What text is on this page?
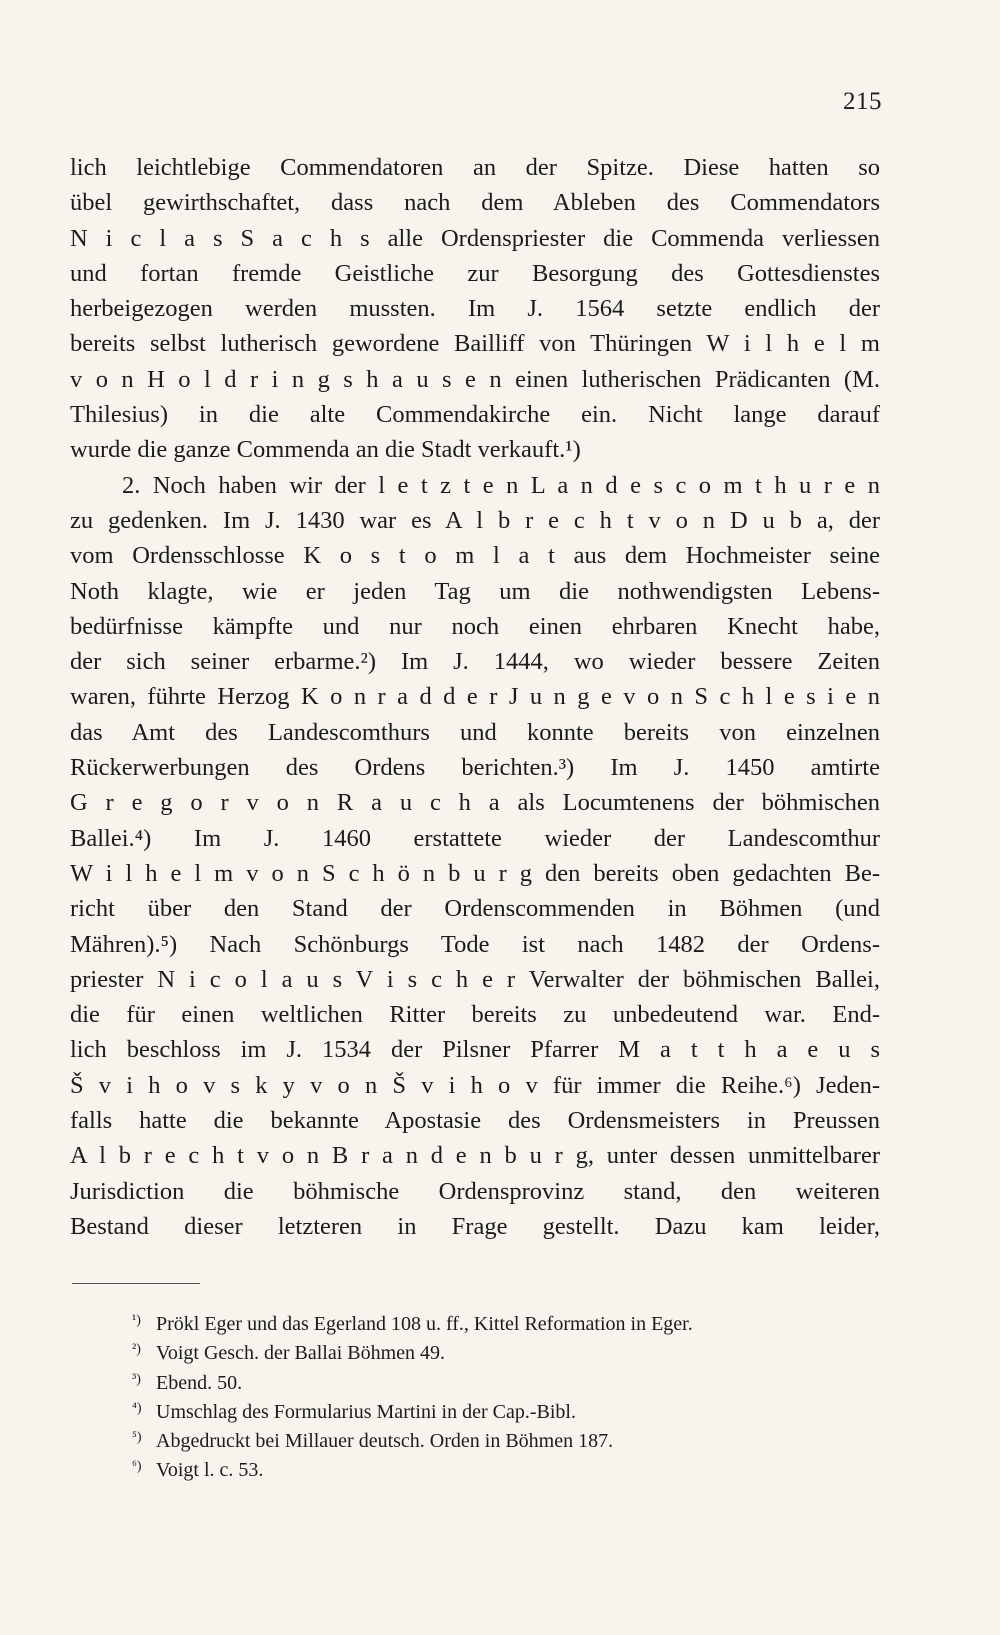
215
lich leichtlebige Commendatoren an der Spitze. Diese hatten so
übel gewirthschaftet, dass nach dem Ableben des Commendators
N i c l a s S a c h s alle Ordenspriester die Commenda verliessen
und fortan fremde Geistliche zur Besorgung des Gottesdienstes
herbeigezogen werden mussten. Im J. 1564 setzte endlich der
bereits selbst lutherisch gewordene Bailliff von Thüringen W i l h e l m
v o n H o l d r i n g s h a u s e n einen lutherischen Prädicanten (M.
Thilesius) in die alte Commendakirche ein. Nicht lange darauf
wurde die ganze Commenda an die Stadt verkauft.¹)
2. Noch haben wir der l e t z t e n L a n d e s c o m t h u r e n
zu gedenken. Im J. 1430 war es A l b r e c h t v o n D u b a, der
vom Ordensschlosse K o s t o m l a t aus dem Hochmeister seine
Noth klagte, wie er jeden Tag um die nothwendigsten Lebens-
bedürfnisse kämpfte und nur noch einen ehrbaren Knecht habe,
der sich seiner erbarme.²) Im J. 1444, wo wieder bessere Zeiten
waren, führte Herzog K o n r a d d e r J u n g e v o n S c h l e s i e n
das Amt des Landescomthurs und konnte bereits von einzelnen
Rückerwerbungen des Ordens berichten.³) Im J. 1450 amtirte
G r e g o r v o n R a u c h a als Locumtenens der böhmischen
Ballei.⁴) Im J. 1460 erstattete wieder der Landescomthur
W i l h e l m v o n S c h ö n b u r g den bereits oben gedachten Be-
richt über den Stand der Ordenscommenden in Böhmen (und
Mähren).⁵) Nach Schönburgs Tode ist nach 1482 der Ordens-
priester N i c o l a u s V i s c h e r Verwalter der böhmischen Ballei,
die für einen weltlichen Ritter bereits zu unbedeutend war. End-
lich beschloss im J. 1534 der Pilsner Pfarrer M a t t h a e u s
Š v i h o v s k y v o n Š v i h o v für immer die Reihe.⁶) Jeden-
falls hatte die bekannte Apostasie des Ordensmeisters in Preussen
A l b r e c h t v o n B r a n d e n b u r g, unter dessen unmittelbarer
Jurisdiction die böhmische Ordensprovinz stand, den weiteren
Bestand dieser letzteren in Frage gestellt. Dazu kam leider,
¹) Prökl Eger und das Egerland 108 u. ff., Kittel Reformation in Eger.
²) Voigt Gesch. der Ballai Böhmen 49.
³) Ebend. 50.
⁴) Umschlag des Formularius Martini in der Cap.-Bibl.
⁵) Abgedruckt bei Millauer deutsch. Orden in Böhmen 187.
⁶) Voigt l. c. 53.
